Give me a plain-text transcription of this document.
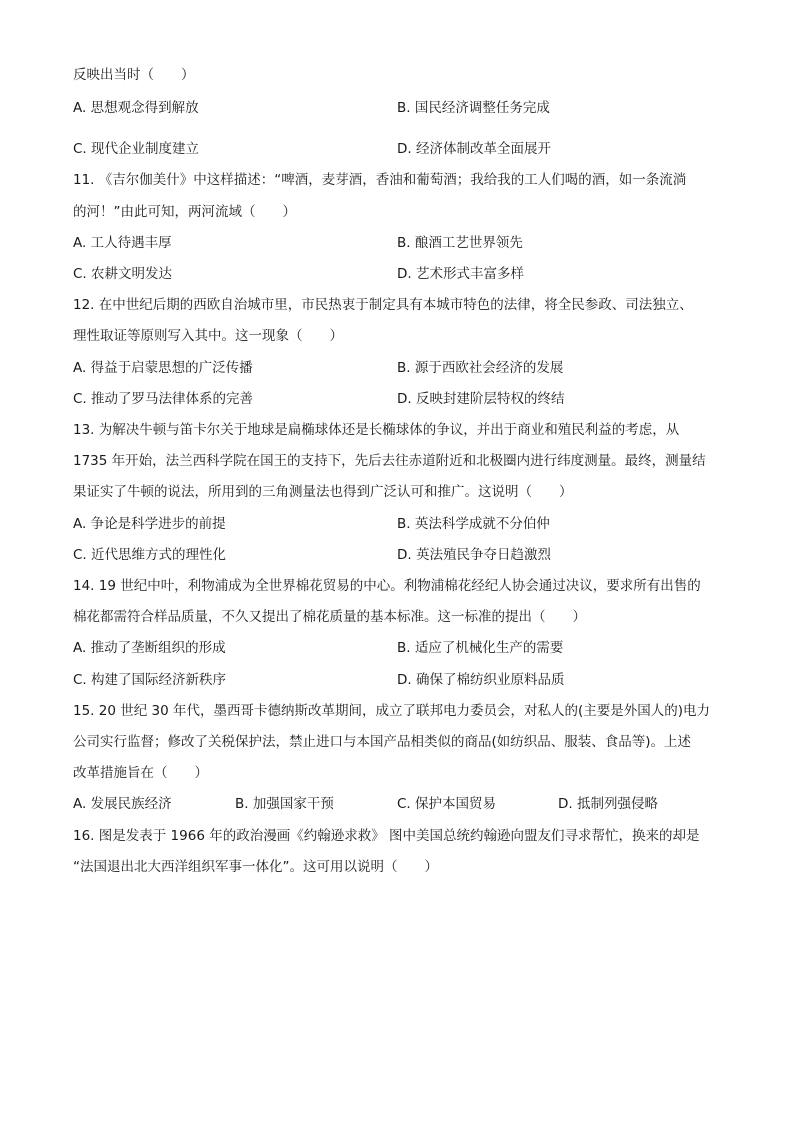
反映出当时（　　）
A. 思想观念得到解放	B. 国民经济调整任务完成
C. 现代企业制度建立	D. 经济体制改革全面展开
11. 《吉尔伽美什》中这样描述：“啤酒，麦芽酒，香油和葡萄酒；我给我的工人们喝的酒，如一条流淌
的河！”由此可知，两河流域（　　）
A. 工人待遇丰厚	B. 酿酒工艺世界领先
C. 农耕文明发达	D. 艺术形式丰富多样
12. 在中世纪后期的西欧自治城市里，市民热衷于制定具有本城市特色的法律，将全民参政、司法独立、
理性取证等原则写入其中。这一现象（　　）
A. 得益于启蒙思想的广泛传播	B. 源于西欧社会经济的发展
C. 推动了罗马法律体系的完善	D. 反映封建阶层特权的终结
13. 为解决牛顿与笛卡尔关于地球是扁椭球体还是长椭球体的争议，并出于商业和殖民利益的考虑，从
1735 年开始，法兰西科学院在国王的支持下，先后去往赤道附近和北极圈内进行纬度测量。最终，测量结
果证实了牛顿的说法，所用到的三角测量法也得到广泛认可和推广。这说明（　　）
A. 争论是科学进步的前提	B. 英法科学成就不分伯仲
C. 近代思维方式的理性化	D. 英法殖民争夺日趋激烈
14. 19 世纪中叶，利物浦成为全世界棉花贸易的中心。利物浦棉花经纪人协会通过决议，要求所有出售的
棉花都需符合样品质量，不久又提出了棉花质量的基本标准。这一标准的提出（　　）
A. 推动了垄断组织的形成	B. 适应了机械化生产的需要
C. 构建了国际经济新秩序	D. 确保了棉纺织业原料品质
15. 20 世纪 30 年代，墨西哥卡德纳斯改革期间，成立了联邦电力委员会，对私人的(主要是外国人的)电力
公司实行监督；修改了关税保护法，禁止进口与本国产品相类似的商品(如纺织品、服装、食品等)。上述
改革措施旨在（　　）
A. 发展民族经济	B. 加强国家干预	C. 保护本国贸易	D. 抵制列强侵略
16. 图是发表于 1966 年的政治漫画《约翰逊求救》 图中美国总统约翰逊向盟友们寻求帮忙，换来的却是
“法国退出北大西洋组织军事一体化”。这可用以说明（　　）
